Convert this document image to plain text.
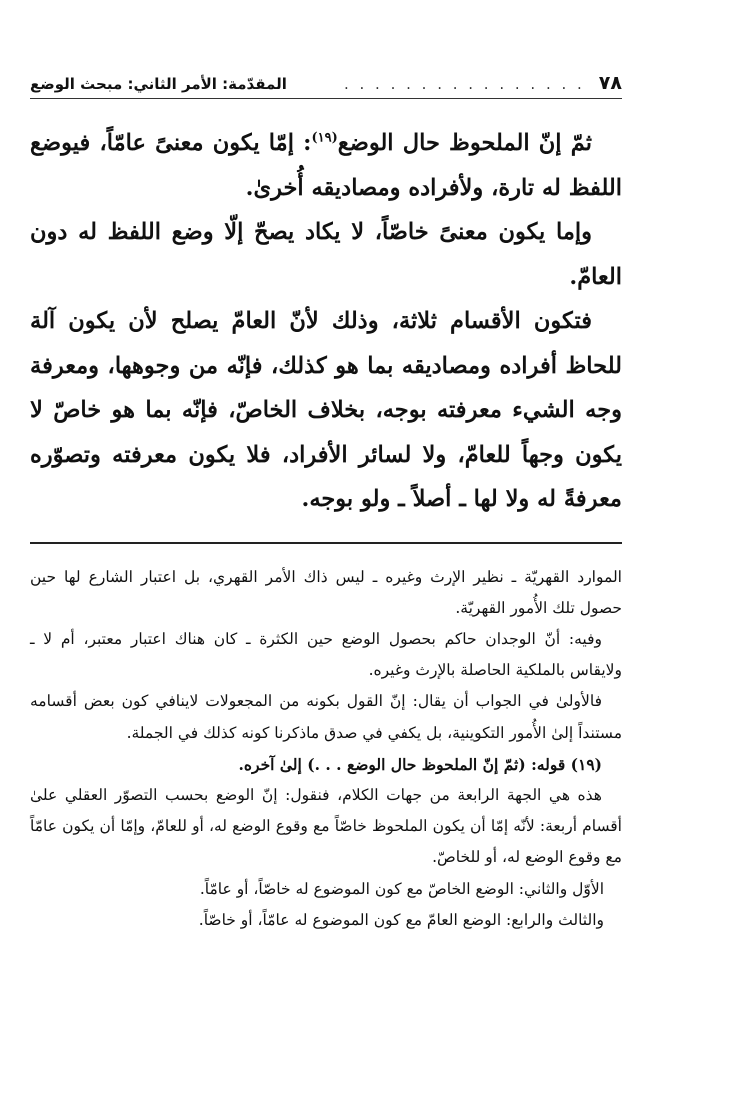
٧٨
. . . . . . . . . . . . . . . .
المقدّمة: الأمر الثاني: مبحث الوضع

ثمّ إنّ الملحوظ حال الوضع$^{(١٩)}$: إمّا يكون معنىً عامّاً، فيوضع اللفظ له تارة، ولأفراده ومصاديقه أُخرىٰ.

وإما يكون معنىً خاصّاً، لا يكاد يصحّ إلّا وضع اللفظ له دون العامّ.

فتكون الأقسام ثلاثة، وذلك لأنّ العامّ يصلح لأن يكون آلة للحاظ أفراده ومصاديقه بما هو كذلك، فإنّه من وجوهها، ومعرفة وجه الشيء معرفته بوجه، بخلاف الخاصّ، فإنّه بما هو خاصّ لا يكون وجهاً للعامّ، ولا لسائر الأفراد، فلا يكون معرفته وتصوّره معرفةً له ولا لها ـ أصلاً ـ ولو بوجه.

الموارد القهريّة ـ نظير الإرث وغيره ـ ليس ذاك الأمر القهري، بل اعتبار الشارع لها حين حصول تلك الأُمور القهريّة.

وفيه: أنّ الوجدان حاكم بحصول الوضع حين الكثرة ـ كان هناك اعتبار معتبر، أم لا ـ ولايقاس بالملكية الحاصلة بالإرث وغيره.

فالأولىٰ في الجواب أن يقال: إنّ القول بكونه من المجعولات لاينافي كون بعض أقسامه مستنداً إلىٰ الأُمور التكوينية، بل يكفي في صدق ماذكرنا كونه كذلك في الجملة.

(١٩) قوله: (ثمّ إنّ الملحوظ حال الوضع . . .) إلىٰ آخره.

هذه هي الجهة الرابعة من جهات الكلام، فنقول: إنّ الوضع بحسب التصوّر العقلي علىٰ أقسام أربعة: لأنّه إمّا أن يكون الملحوظ خاصّاً مع وقوع الوضع له، أو للعامّ، وإمّا أن يكون عامّاً مع وقوع الوضع له، أو للخاصّ.

الأوّل والثاني: الوضع الخاصّ مع كون الموضوع له خاصّاً، أو عامّاً.

والثالث والرابع: الوضع العامّ مع كون الموضوع له عامّاً، أو خاصّاً.
